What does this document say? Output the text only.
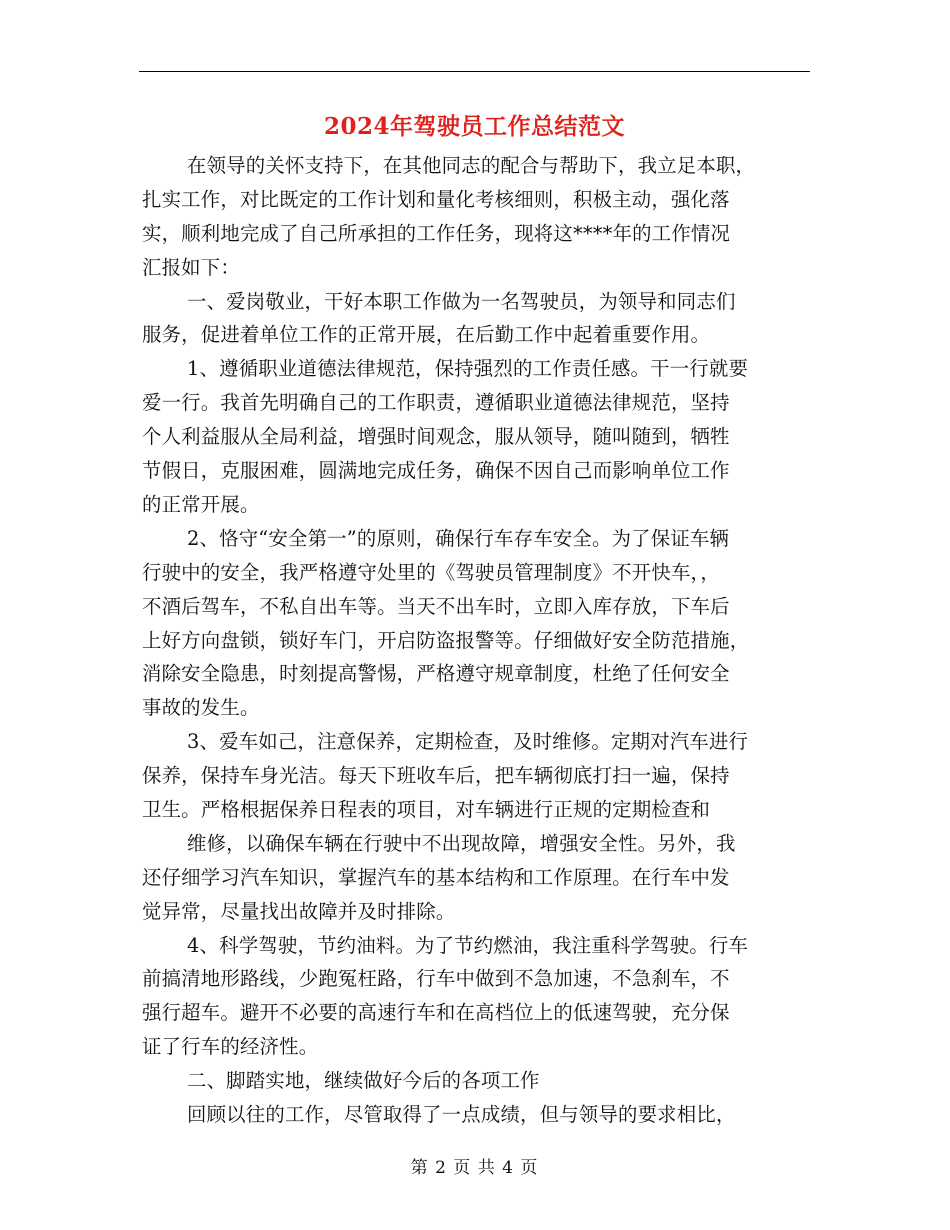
2024年驾驶员工作总结范文
在领导的关怀支持下，在其他同志的配合与帮助下，我立足本职，
扎实工作，对比既定的工作计划和量化考核细则，积极主动，强化落
实，顺利地完成了自己所承担的工作任务，现将这****年的工作情况
汇报如下：
一、爱岗敬业，干好本职工作做为一名驾驶员，为领导和同志们
服务，促进着单位工作的正常开展，在后勤工作中起着重要作用。
1、遵循职业道德法律规范，保持强烈的工作责任感。干一行就要
爱一行。我首先明确自己的工作职责，遵循职业道德法律规范，坚持
个人利益服从全局利益，增强时间观念，服从领导，随叫随到，牺牲
节假日，克服困难，圆满地完成任务，确保不因自己而影响单位工作
的正常开展。
2、恪守“安全第一”的原则，确保行车存车安全。为了保证车辆
行驶中的安全，我严格遵守处里的《驾驶员管理制度》不开快车，，
不酒后驾车，不私自出车等。当天不出车时，立即入库存放，下车后
上好方向盘锁，锁好车门，开启防盗报警等。仔细做好安全防范措施，
消除安全隐患，时刻提高警惕，严格遵守规章制度，杜绝了任何安全
事故的发生。
3、爱车如己，注意保养，定期检查，及时维修。定期对汽车进行
保养，保持车身光洁。每天下班收车后，把车辆彻底打扫一遍，保持
卫生。严格根据保养日程表的项目，对车辆进行正规的定期检查和
维修，以确保车辆在行驶中不出现故障，增强安全性。另外，我
还仔细学习汽车知识，掌握汽车的基本结构和工作原理。在行车中发
觉异常，尽量找出故障并及时排除。
4、科学驾驶，节约油料。为了节约燃油，我注重科学驾驶。行车
前搞清地形路线，少跑冤枉路，行车中做到不急加速，不急刹车，不
强行超车。避开不必要的高速行车和在高档位上的低速驾驶，充分保
证了行车的经济性。
二、脚踏实地，继续做好今后的各项工作
回顾以往的工作，尽管取得了一点成绩，但与领导的要求相比，
第 2 页 共 4 页
